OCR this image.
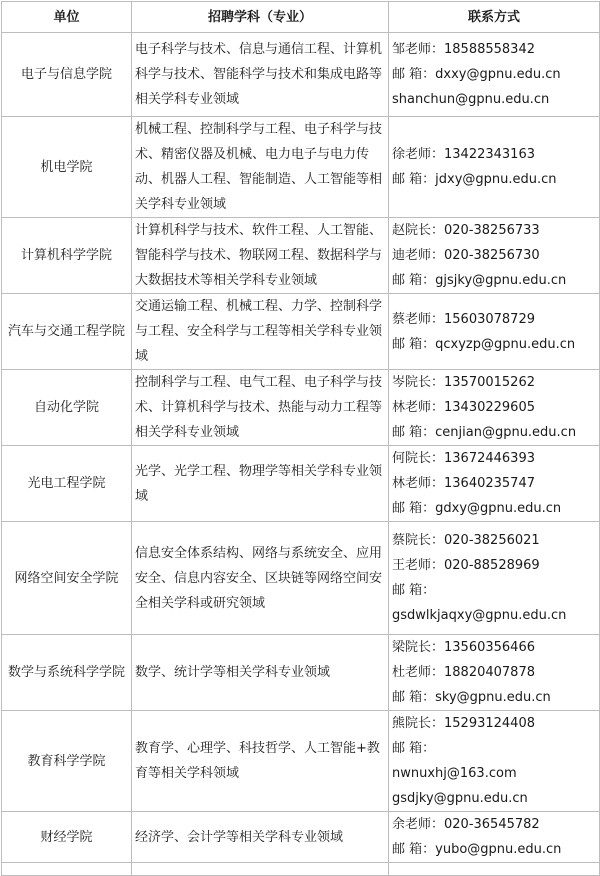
单位	招聘学科（专业）	联系方式
电子与信息学院	电子科学与技术、信息与通信工程、计算机科学与技术、智能科学与技术和集成电路等相关学科专业领域	邹老师：18588558342
邮 箱：dxxy@gpnu.edu.cn
shanchun@gpnu.edu.cn

机电学院	机械工程、控制科学与工程、电子科学与技术、精密仪器及机械、电力电子与电力传动、机器人工程、智能制造、人工智能等相关学科专业领域	徐老师：13422343163
邮 箱：jdxy@gpnu.edu.cn

计算机科学学院	计算机科学与技术、软件工程、人工智能、智能科学与技术、物联网工程、数据科学与大数据技术等相关学科专业领域	赵院长：020-38256733
迪老师：020-38256730
邮 箱：gjsjky@gpnu.edu.cn

汽车与交通工程学院	交通运输工程、机械工程、力学、控制科学与工程、安全科学与工程等相关学科专业领域	蔡老师：15603078729
邮 箱：qcxyzp@gpnu.edu.cn

自动化学院	控制科学与工程、电气工程、电子科学与技术、计算机科学与技术、热能与动力工程等相关学科专业领域	岑院长：13570015262
林老师：13430229605
邮 箱：cenjian@gpnu.edu.cn

光电工程学院	光学、光学工程、物理学等相关学科专业领域	何院长：13672446393
林老师：13640235747
邮 箱：gdxy@gpnu.edu.cn

网络空间安全学院	信息安全体系结构、网络与系统安全、应用安全、信息内容安全、区块链等网络空间安全相关学科或研究领域	蔡院长：020-38256021
王老师：020-88528969
邮 箱：
gsdwlkjaqxy@gpnu.edu.cn

数学与系统科学学院	数学、统计学等相关学科专业领域	梁院长：13560356466
杜老师：18820407878
邮 箱：sky@gpnu.edu.cn

教育科学学院	教育学、心理学、科技哲学、人工智能+教育等相关学科领域	熊院长：15293124408
邮 箱：
nwnuxhj@163.com
gsdjky@gpnu.edu.cn

财经学院	经济学、会计学等相关学科专业领域	余老师：020-36545782
邮 箱：yubo@gpnu.edu.cn
